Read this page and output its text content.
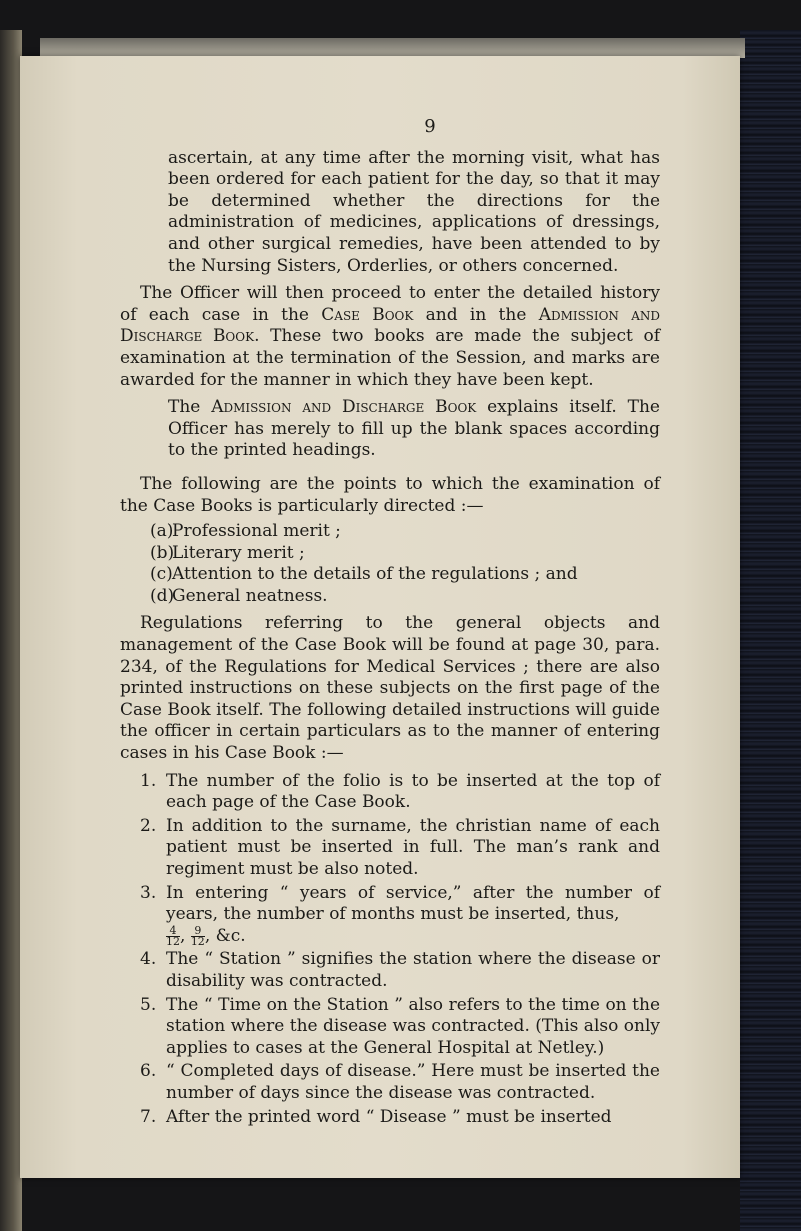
9

ascertain, at any time after the morning visit, what has been ordered for each patient for the day, so that it may be determined whether the directions for the administration of medicines, applications of dressings, and other surgical remedies, have been attended to by the Nursing Sisters, Orderlies, or others concerned.

The Officer will then proceed to enter the detailed history of each case in the Case Book and in the Admission and Discharge Book. These two books are made the subject of examination at the termination of the Session, and marks are awarded for the manner in which they have been kept.

The Admission and Discharge Book explains itself. The Officer has merely to fill up the blank spaces according to the printed headings.

The following are the points to which the examination of the Case Books is particularly directed :—

(a)
Professional merit ;
(b)
Literary merit ;
(c) Attention to the details of the regulations ; and
(d)
General neatness.

Regulations referring to the general objects and management of the Case Book will be found at page 30, para. 234, of the Regulations for Medical Services ; there are also printed instructions on these subjects on the first page of the Case Book itself. The following detailed instructions will guide the officer in certain particulars as to the manner of entering cases in his Case Book :—

1. The number of the folio is to be inserted at the top of each page of the Case Book.
2. In addition to the surname, the christian name of each patient must be inserted in full. The man’s rank and regiment must be also noted.
3. In entering “ years of service,” after the number of years, the number of months must be inserted, thus,

$\frac{4}{12}$ , $\frac{9}{12}$ , &c.
4. The “ Station ” signifies the station where the disease or disability was contracted.
5. The “ Time on the Station ” also refers to the time on the station where the disease was contracted. (This also only applies to cases at the General Hospital at Netley.)
6. “ Completed days of disease.” Here must be inserted the number of days since the disease was contracted.
7. After the printed word “ Disease ” must be inserted
